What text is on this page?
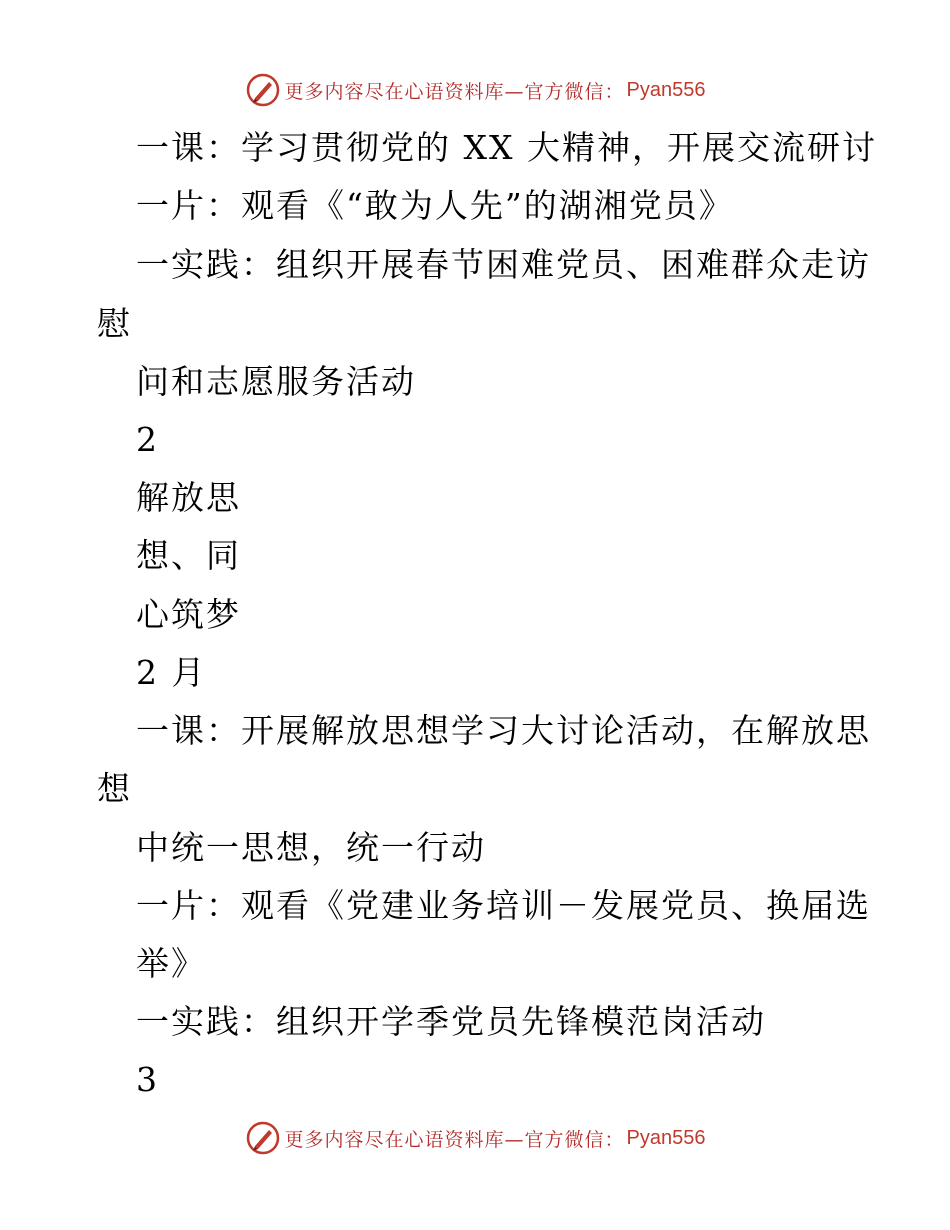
更多内容尽在心语资料库—官方微信： Pyan556
一课：学习贯彻党的 XX 大精神，开展交流研讨
一片：观看《“敢为人先”的湖湘党员》
一实践：组织开展春节困难党员、困难群众走访
慰
问和志愿服务活动
2
解放思
想、同
心筑梦
2 月
一课：开展解放思想学习大讨论活动，在解放思
想
中统一思想，统一行动
一片：观看《党建业务培训－发展党员、换届选
举》
一实践：组织开学季党员先锋模范岗活动
3
更多内容尽在心语资料库—官方微信： Pyan556
